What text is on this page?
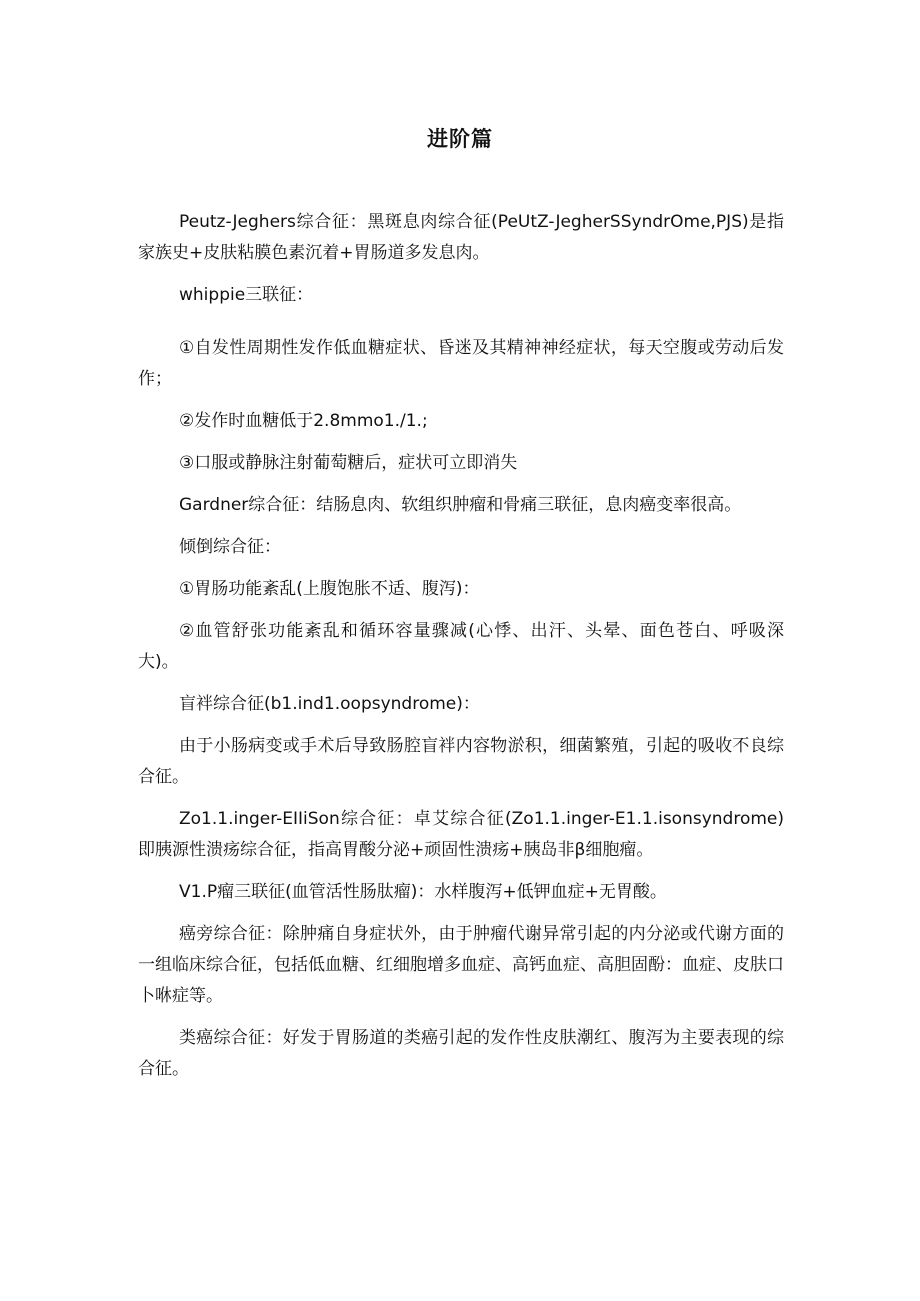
进阶篇

Peutz-Jeghers综合征：黑斑息肉综合征(PeUtZ-JegherSSyndrOme,PJS)是指家族史+皮肤粘膜色素沉着+胃肠道多发息肉。

whippie三联征：

①自发性周期性发作低血糖症状、昏迷及其精神神经症状，每天空腹或劳动后发作；

②发作时血糖低于2.8mmo1./1.;

③口服或静脉注射葡萄糖后，症状可立即消失

Gardner综合征：结肠息肉、软组织肿瘤和骨痛三联征，息肉癌变率很高。

倾倒综合征：

①胃肠功能紊乱(上腹饱胀不适、腹泻)：

②血管舒张功能紊乱和循环容量骤减(心悸、出汗、头晕、面色苍白、呼吸深大)。

盲袢综合征(b1.ind1.oopsyndrome)：

由于小肠病变或手术后导致肠腔盲袢内容物淤积，细菌繁殖，引起的吸收不良综合征。

Zo1.1.inger-EIIiSon综合征：卓艾综合征(Zo1.1.inger-E1.1.isonsyndrome)即胰源性溃疡综合征，指高胃酸分泌+顽固性溃疡+胰岛非β细胞瘤。

V1.P瘤三联征(血管活性肠肽瘤)：水样腹泻+低钾血症+无胃酸。

癌旁综合征：除肿痛自身症状外，由于肿瘤代谢异常引起的内分泌或代谢方面的一组临床综合征，包括低血糖、红细胞增多血症、高钙血症、高胆固酚：血症、皮肤口卜咻症等。

类癌综合征：好发于胃肠道的类癌引起的发作性皮肤潮红、腹泻为主要表现的综合征。
